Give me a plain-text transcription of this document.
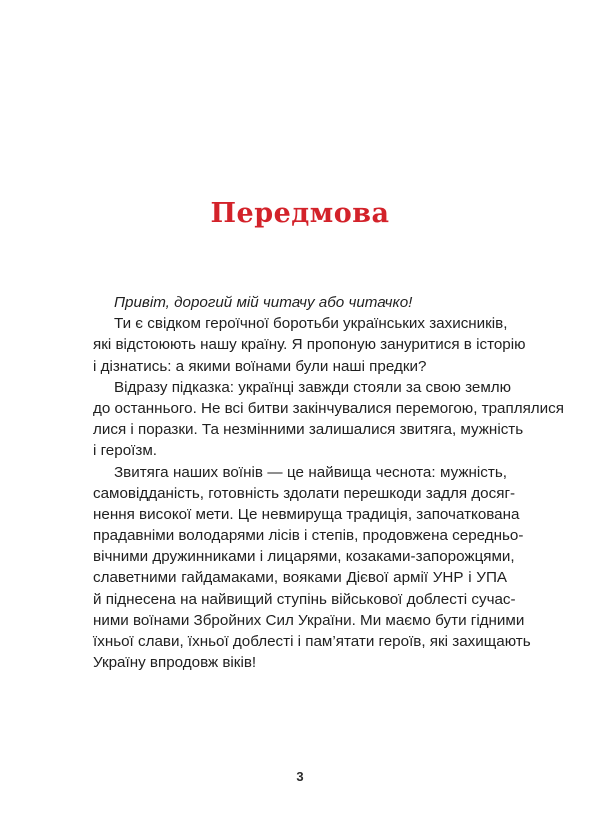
Передмова
Привіт, дорогий мій читачу або читачко!
Ти є свідком героїчної боротьби українських захисників,
які відстоюють нашу країну. Я пропоную зануритися в історію
і дізнатись: а якими воїнами були наші предки?
Відразу підказка: українці завжди стояли за свою землю
до останнього. Не всі битви закінчувалися перемогою, траплялися
лися і поразки. Та незмінними залишалися звитяга, мужність
і героїзм.
Звитяга наших воїнів — це найвища чеснота: мужність,
самовідданість, готовність здолати перешкоди задля досяг-
нення високої мети. Це невмируща традиція, започаткована
прадавніми володарями лісів і степів, продовжена середньо-
вічними дружинниками і лицарями, козаками-запорожцями,
славетними гайдамаками, вояками Дієвої армії УНР і УПА
й піднесена на найвищий ступінь військової доблесті сучас-
ними воїнами Збройних Сил України. Ми маємо бути гідними
їхньої слави, їхньої доблесті і пам’ятати героїв, які захищають
Україну впродовж віків!
3
